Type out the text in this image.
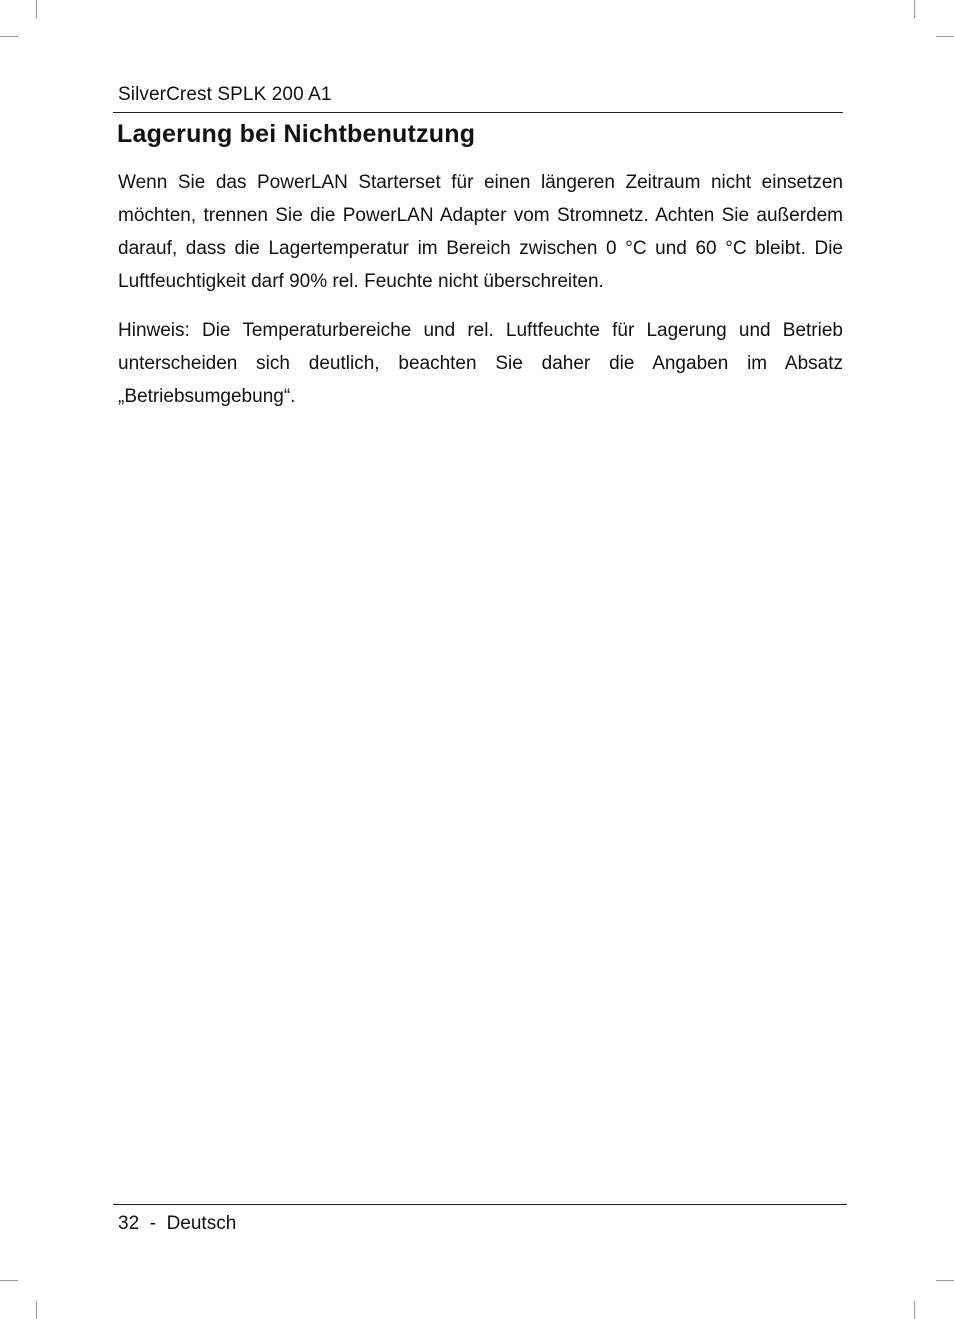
SilverCrest SPLK 200 A1
Lagerung bei Nichtbenutzung

Wenn Sie das PowerLAN Starterset für einen längeren Zeitraum nicht einsetzen möchten, trennen Sie die PowerLAN Adapter vom Stromnetz. Achten Sie außerdem darauf, dass die Lagertemperatur im Bereich zwischen 0 °C und 60 °C bleibt. Die Luftfeuchtigkeit darf 90% rel. Feuchte nicht überschreiten.

Hinweis: Die Temperaturbereiche und rel. Luftfeuchte für Lagerung und Betrieb unterscheiden sich deutlich, beachten Sie daher die Angaben im Absatz „Betriebsumgebung“.

32  -  Deutsch
